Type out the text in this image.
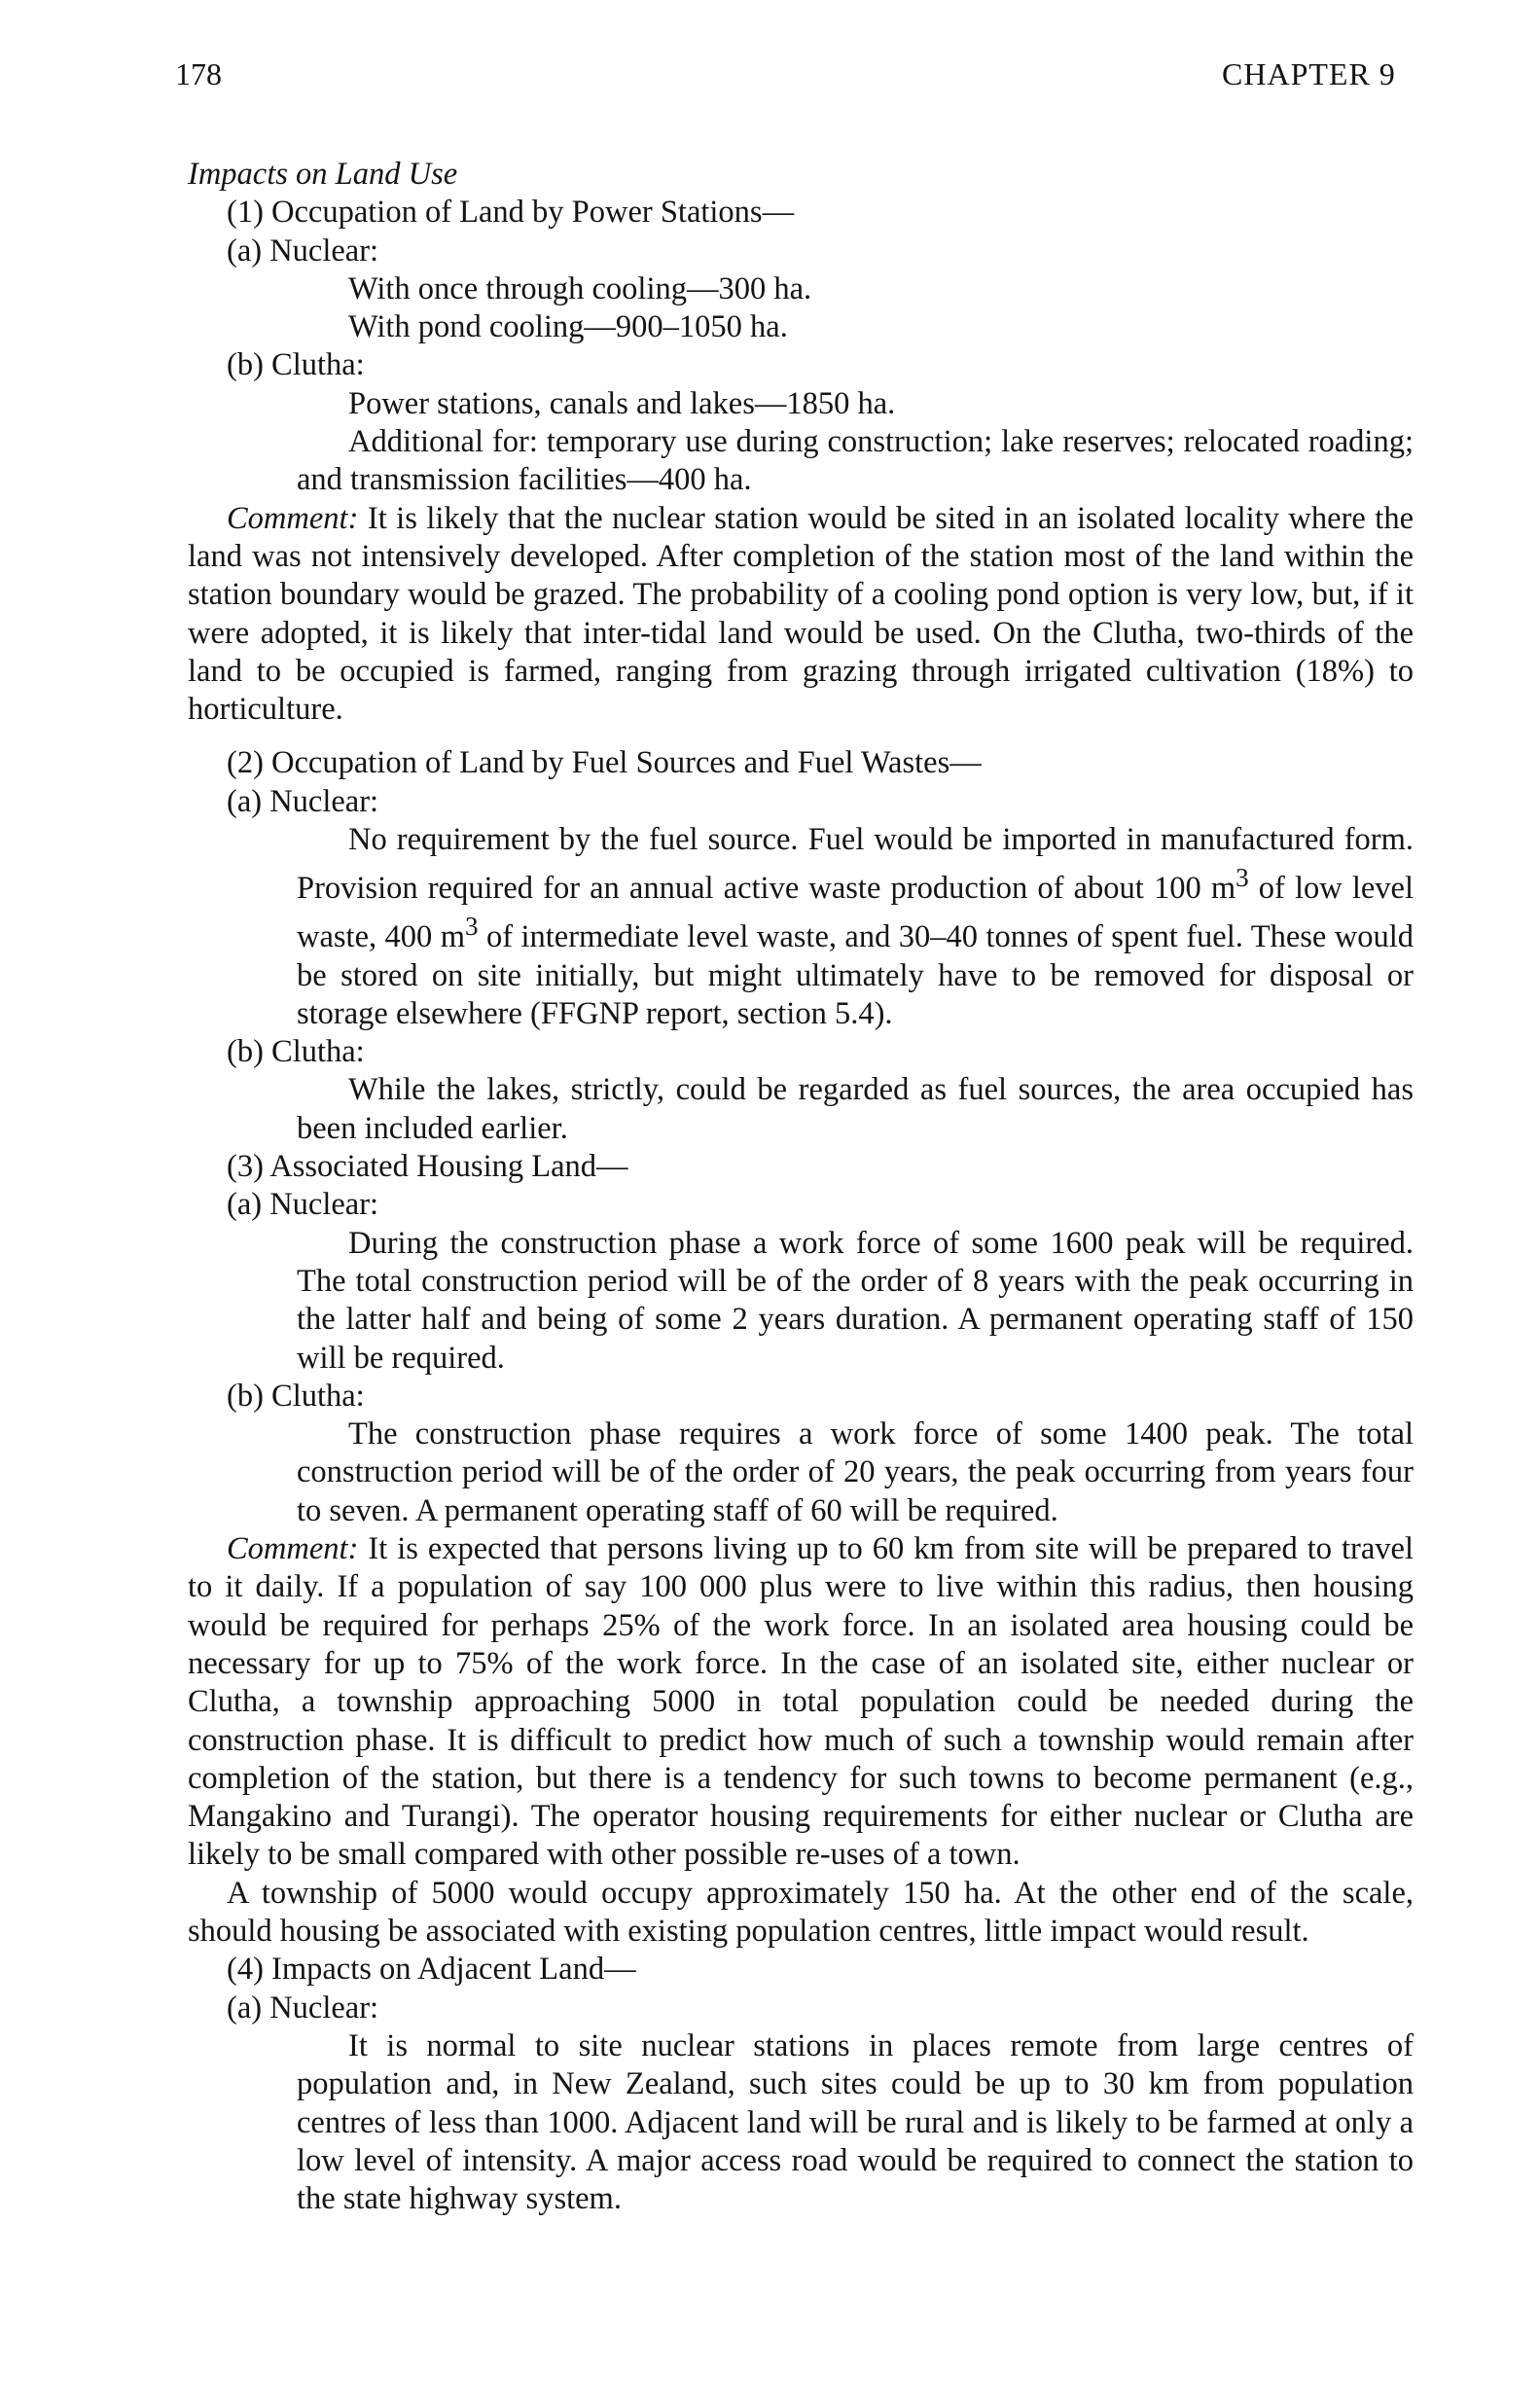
178	CHAPTER 9

Impacts on Land Use

(1) Occupation of Land by Power Stations—

(a) Nuclear:

With once through cooling—300 ha.

With pond cooling—900–1050 ha.

(b) Clutha:

Power stations, canals and lakes—1850 ha.

Additional for: temporary use during construction; lake reserves; relocated roading; and transmission facilities—400 ha.

Comment: It is likely that the nuclear station would be sited in an isolated locality where the land was not intensively developed. After completion of the station most of the land within the station boundary would be grazed. The probability of a cooling pond option is very low, but, if it were adopted, it is likely that inter-tidal land would be used. On the Clutha, two-thirds of the land to be occupied is farmed, ranging from grazing through irrigated cultivation (18%) to horticulture.

(2) Occupation of Land by Fuel Sources and Fuel Wastes—

(a) Nuclear:

No requirement by the fuel source. Fuel would be imported in manufactured form. Provision required for an annual active waste production of about 100 $m^3$ of low level waste, 400 $m^3$ of intermediate level waste, and 30–40 tonnes of spent fuel. These would be stored on site initially, but might ultimately have to be removed for disposal or storage elsewhere (FFGNP report, section 5.4).

(b) Clutha:

While the lakes, strictly, could be regarded as fuel sources, the area occupied has been included earlier.

(3) Associated Housing Land—

(a) Nuclear:

During the construction phase a work force of some 1600 peak will be required. The total construction period will be of the order of 8 years with the peak occurring in the latter half and being of some 2 years duration. A permanent operating staff of 150 will be required.

(b) Clutha:

The construction phase requires a work force of some 1400 peak. The total construction period will be of the order of 20 years, the peak occurring from years four to seven. A permanent operating staff of 60 will be required.

Comment: It is expected that persons living up to 60 km from site will be prepared to travel to it daily. If a population of say 100 000 plus were to live within this radius, then housing would be required for perhaps 25% of the work force. In an isolated area housing could be necessary for up to 75% of the work force. In the case of an isolated site, either nuclear or Clutha, a township approaching 5000 in total population could be needed during the construction phase. It is difficult to predict how much of such a township would remain after completion of the station, but there is a tendency for such towns to become permanent (e.g., Mangakino and Turangi). The operator housing requirements for either nuclear or Clutha are likely to be small compared with other possible re-uses of a town.

A township of 5000 would occupy approximately 150 ha. At the other end of the scale, should housing be associated with existing population centres, little impact would result.

(4) Impacts on Adjacent Land—

(a) Nuclear:

It is normal to site nuclear stations in places remote from large centres of population and, in New Zealand, such sites could be up to 30 km from population centres of less than 1000. Adjacent land will be rural and is likely to be farmed at only a low level of intensity. A major access road would be required to connect the station to the state highway system.
